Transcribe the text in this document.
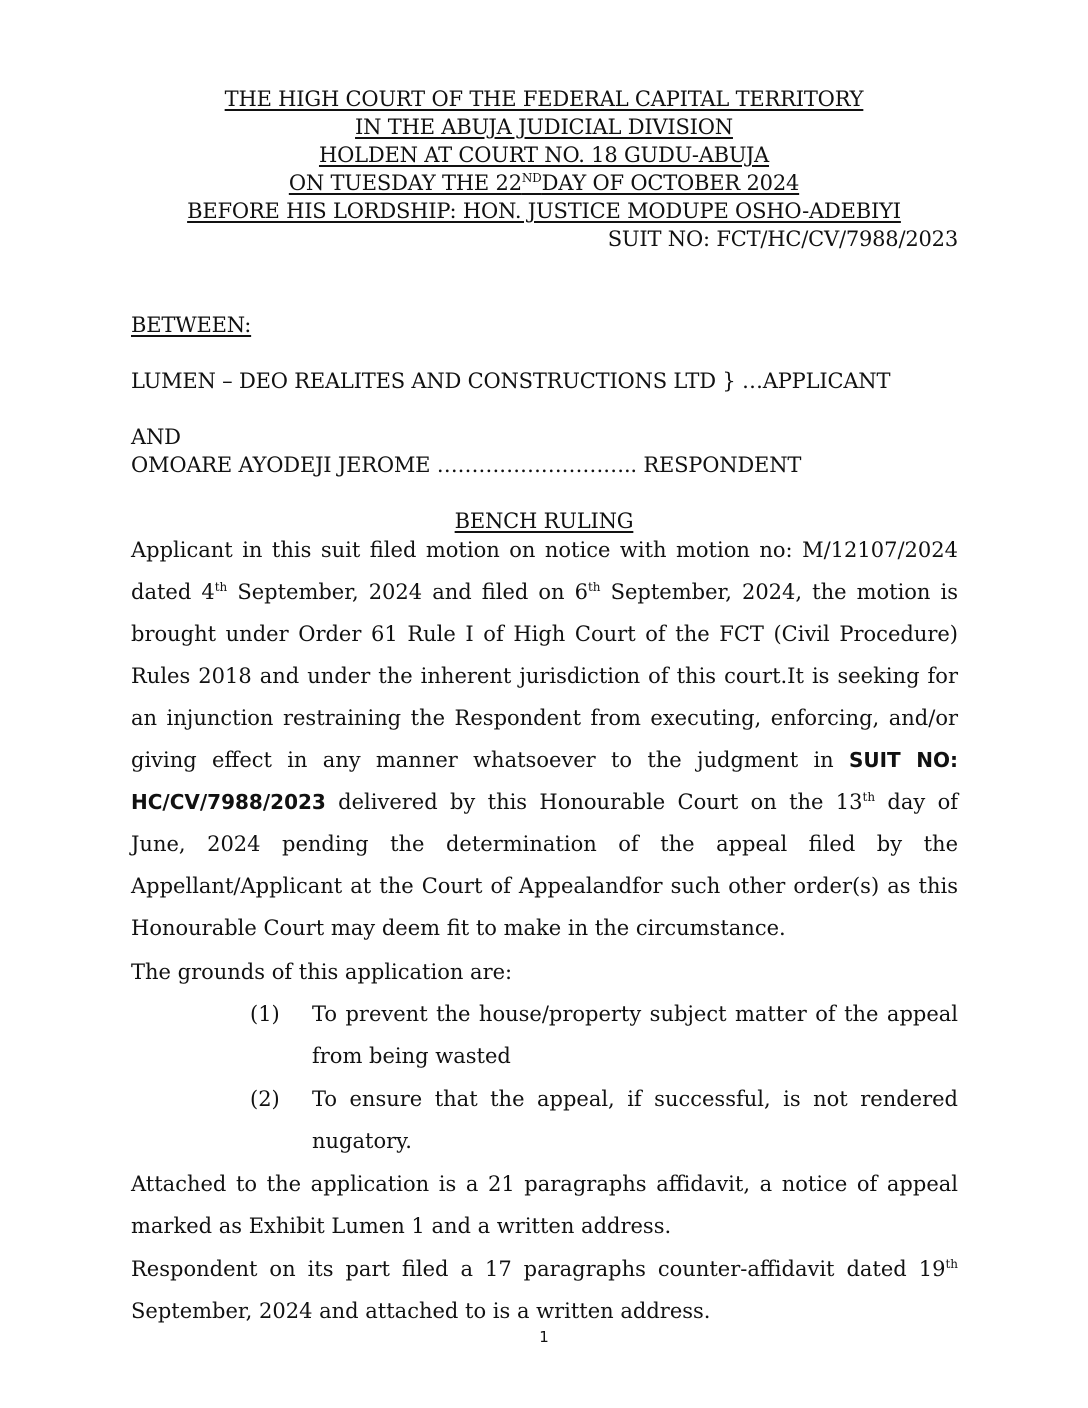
THE HIGH COURT OF THE FEDERAL CAPITAL TERRITORY
IN THE ABUJA JUDICIAL DIVISION
HOLDEN AT COURT NO. 18 GUDU-ABUJA
ON TUESDAY THE 22NDDAY OF OCTOBER 2024
BEFORE HIS LORDSHIP: HON. JUSTICE MODUPE OSHO-ADEBIYI
SUIT NO: FCT/HC/CV/7988/2023
BETWEEN:
LUMEN – DEO REALITES AND CONSTRUCTIONS LTD } …APPLICANT
AND
OMOARE AYODEJI JEROME ……………………….. RESPONDENT
BENCH RULING
Applicant in this suit filed motion on notice with motion no: M/12107/2024 dated 4th September, 2024 and filed on 6th September, 2024, the motion is brought under Order 61 Rule I of High Court of the FCT (Civil Procedure) Rules 2018 and under the inherent jurisdiction of this court.It is seeking for an injunction restraining the Respondent from executing, enforcing, and/or giving effect in any manner whatsoever to the judgment in SUIT NO: HC/CV/7988/2023 delivered by this Honourable Court on the 13th day of June, 2024 pending the determination of the appeal filed by the Appellant/Applicant at the Court of Appealandfor such other order(s) as this Honourable Court may deem fit to make in the circumstance.
The grounds of this application are:
(1) To prevent the house/property subject matter of the appeal from being wasted
(2) To ensure that the appeal, if successful, is not rendered nugatory.
Attached to the application is a 21 paragraphs affidavit, a notice of appeal marked as Exhibit Lumen 1 and a written address.
Respondent on its part filed a 17 paragraphs counter-affidavit dated 19th September, 2024 and attached to is a written address.
1
